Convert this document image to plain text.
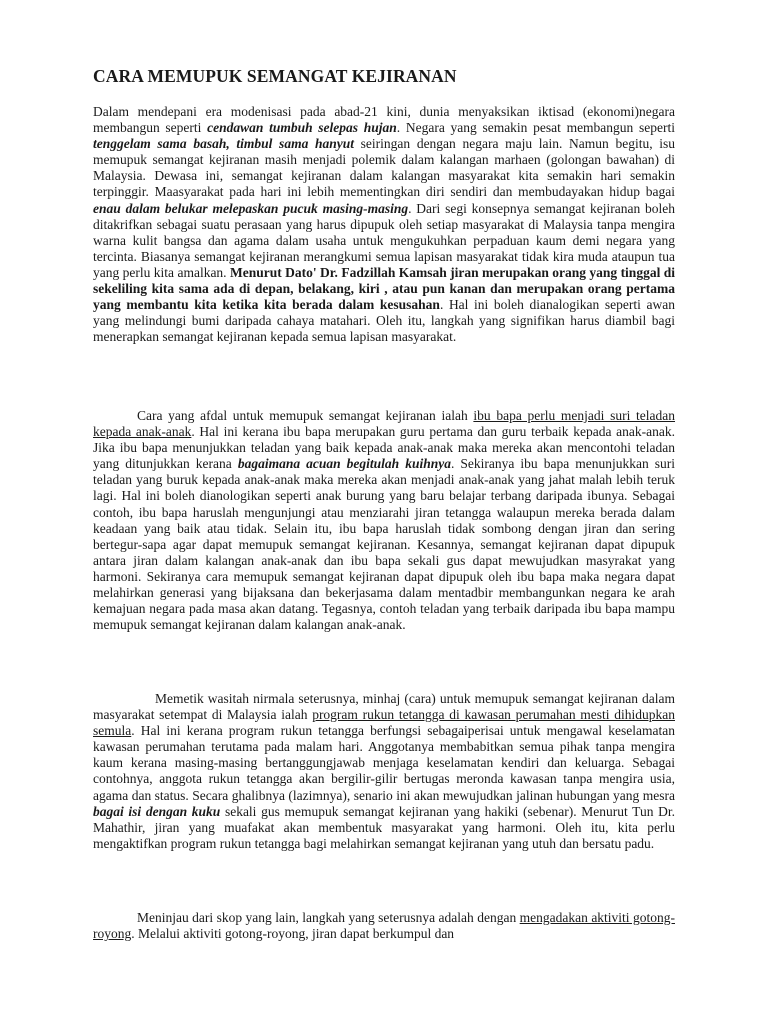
CARA MEMUPUK SEMANGAT KEJIRANAN

Dalam mendepani era modenisasi pada abad-21 kini, dunia menyaksikan iktisad (ekonomi)negara membangun seperti cendawan tumbuh selepas hujan. Negara yang semakin pesat membangun seperti tenggelam sama basah, timbul sama hanyut seiringan dengan negara maju lain. Namun begitu, isu memupuk semangat kejiranan masih menjadi polemik dalam kalangan marhaen (golongan bawahan) di Malaysia. Dewasa ini, semangat kejiranan dalam kalangan masyarakat kita semakin hari semakin terpinggir. Maasyarakat pada hari ini lebih mementingkan diri sendiri dan membudayakan hidup bagai enau dalam belukar melepaskan pucuk masing-masing. Dari segi konsepnya semangat kejiranan boleh ditakrifkan sebagai suatu perasaan yang harus dipupuk oleh setiap masyarakat di Malaysia tanpa mengira warna kulit bangsa dan agama dalam usaha untuk mengukuhkan perpaduan kaum demi negara yang tercinta. Biasanya semangat kejiranan merangkumi semua lapisan masyarakat tidak kira muda ataupun tua yang perlu kita amalkan. Menurut Dato' Dr. Fadzillah Kamsah jiran merupakan orang yang tinggal di sekeliling kita sama ada di depan, belakang, kiri , atau pun kanan dan merupakan orang pertama yang membantu kita ketika kita berada dalam kesusahan. Hal ini boleh dianalogikan seperti awan yang melindungi bumi daripada cahaya matahari. Oleh itu, langkah yang signifikan harus diambil bagi menerapkan semangat kejiranan kepada semua lapisan masyarakat.

Cara yang afdal untuk memupuk semangat kejiranan ialah ibu bapa perlu menjadi suri teladan kepada anak-anak. Hal ini kerana ibu bapa merupakan guru pertama dan guru terbaik kepada anak-anak. Jika ibu bapa menunjukkan teladan yang baik kepada anak-anak maka mereka akan mencontohi teladan yang ditunjukkan kerana bagaimana acuan begitulah kuihnya. Sekiranya ibu bapa menunjukkan suri teladan yang buruk kepada anak-anak maka mereka akan menjadi anak-anak yang jahat malah lebih teruk lagi. Hal ini boleh dianologikan seperti anak burung yang baru belajar terbang daripada ibunya. Sebagai contoh, ibu bapa haruslah mengunjungi atau menziarahi jiran tetangga walaupun mereka berada dalam keadaan yang baik atau tidak. Selain itu, ibu bapa haruslah tidak sombong dengan jiran dan sering bertegur-sapa agar dapat memupuk semangat kejiranan. Kesannya, semangat kejiranan dapat dipupuk antara jiran dalam kalangan anak-anak dan ibu bapa sekali gus dapat mewujudkan masyrakat yang harmoni. Sekiranya cara memupuk semangat kejiranan dapat dipupuk oleh ibu bapa maka negara dapat melahirkan generasi yang bijaksana dan bekerjasama dalam mentadbir membangunkan negara ke arah kemajuan negara pada masa akan datang. Tegasnya, contoh teladan yang terbaik daripada ibu bapa mampu memupuk semangat kejiranan dalam kalangan anak-anak.

Memetik wasitah nirmala seterusnya, minhaj (cara) untuk memupuk semangat kejiranan dalam masyarakat setempat di Malaysia ialah program rukun tetangga di kawasan perumahan mesti dihidupkan semula. Hal ini kerana program rukun tetangga berfungsi sebagaiperisai untuk mengawal keselamatan kawasan perumahan terutama pada malam hari. Anggotanya membabitkan semua pihak tanpa mengira kaum kerana masing-masing bertanggungjawab menjaga keselamatan kendiri dan keluarga. Sebagai contohnya, anggota rukun tetangga akan bergilir-gilir bertugas meronda kawasan tanpa mengira usia, agama dan status. Secara ghalibnya (lazimnya), senario ini akan mewujudkan jalinan hubungan yang mesra bagai isi dengan kuku sekali gus memupuk semangat kejiranan yang hakiki (sebenar). Menurut Tun Dr. Mahathir, jiran yang muafakat akan membentuk masyarakat yang harmoni. Oleh itu, kita perlu mengaktifkan program rukun tetangga bagi melahirkan semangat kejiranan yang utuh dan bersatu padu.

Meninjau dari skop yang lain, langkah yang seterusnya adalah dengan mengadakan aktiviti gotong-royong. Melalui aktiviti gotong-royong, jiran dapat berkumpul dan
